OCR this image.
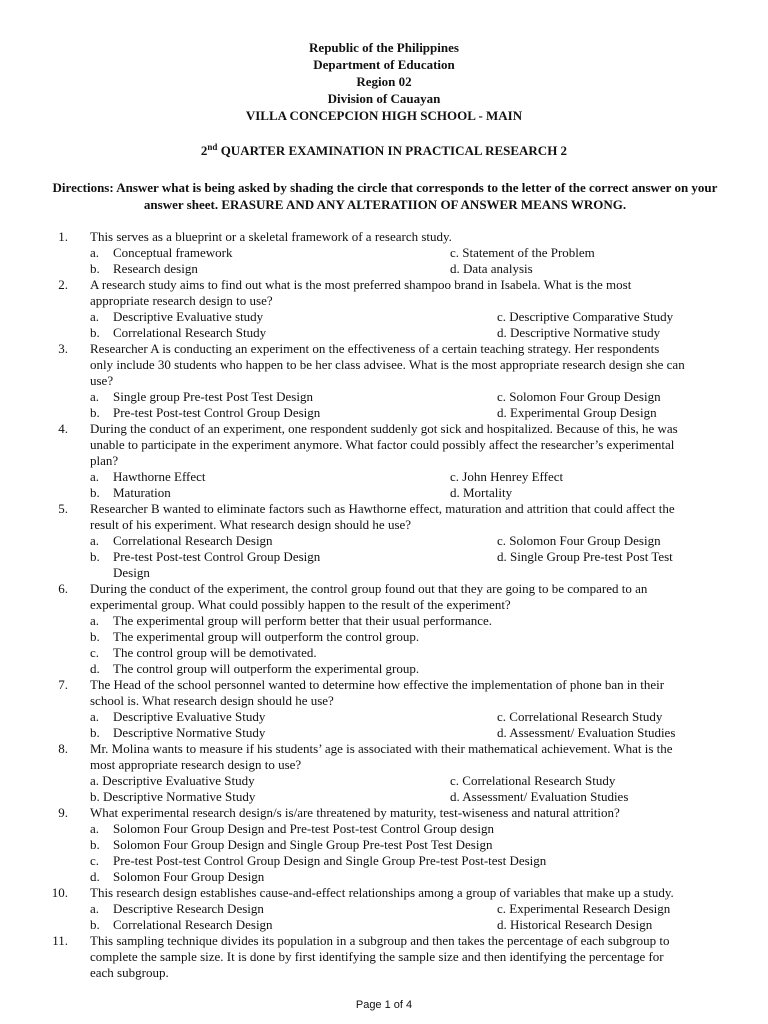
Republic of the Philippines
Department of Education
Region 02
Division of Cauayan
VILLA CONCEPCION HIGH SCHOOL - MAIN
2nd QUARTER EXAMINATION IN PRACTICAL RESEARCH 2
Directions: Answer what is being asked by shading the circle that corresponds to the letter of the correct answer on your answer sheet. ERASURE AND ANY ALTERATIION OF ANSWER MEANS WRONG.
1.	This serves as a blueprint or a skeletal framework of a research study.
a. Conceptual framework	c. Statement of the Problem
b. Research design	d. Data analysis
2.	A research study aims to find out what is the most preferred shampoo brand in Isabela. What is the most
appropriate research design to use?
a. Descriptive Evaluative study	c. Descriptive Comparative Study
b. Correlational Research Study	d. Descriptive Normative study
3.	Researcher A is conducting an experiment on the effectiveness of a certain teaching strategy. Her respondents
only include 30 students who happen to be her class advisee. What is the most appropriate research design she can
use?
a. Single group Pre-test Post Test Design	c. Solomon Four Group Design
b. Pre-test Post-test Control Group Design	d. Experimental Group Design
4.	During the conduct of an experiment, one respondent suddenly got sick and hospitalized. Because of this, he was
unable to participate in the experiment anymore. What factor could possibly affect the researcher’s experimental
plan?
a. Hawthorne Effect	c. John Henrey Effect
b. Maturation	d. Mortality
5.	Researcher B wanted to eliminate factors such as Hawthorne effect, maturation and attrition that could affect the
result of his experiment. What research design should he use?
a. Correlational Research Design	c. Solomon Four Group Design
b. Pre-test Post-test Control Group Design	d. Single Group Pre-test Post Test
Design
6.	During the conduct of the experiment, the control group found out that they are going to be compared to an
experimental group. What could possibly happen to the result of the experiment?
a. The experimental group will perform better that their usual performance.
b. The experimental group will outperform the control group.
c. The control group will be demotivated.
d. The control group will outperform the experimental group.
7.	The Head of the school personnel wanted to determine how effective the implementation of phone ban in their
school is. What research design should he use?
a. Descriptive Evaluative Study	c. Correlational Research Study
b. Descriptive Normative Study	d. Assessment/ Evaluation Studies
8.	Mr. Molina wants to measure if his students’ age is associated with their mathematical achievement. What is the
most appropriate research design to use?
a. Descriptive Evaluative Study	c. Correlational Research Study
b. Descriptive Normative Study	d. Assessment/ Evaluation Studies
9.	What experimental research design/s is/are threatened by maturity, test-wiseness and natural attrition?
a. Solomon Four Group Design and Pre-test Post-test Control Group design
b. Solomon Four Group Design and Single Group Pre-test Post Test Design
c. Pre-test Post-test Control Group Design and Single Group Pre-test Post-test Design
d. Solomon Four Group Design
10.	This research design establishes cause-and-effect relationships among a group of variables that make up a study.
a. Descriptive Research Design	c. Experimental Research Design
b. Correlational Research Design	d. Historical Research Design
11.	This sampling technique divides its population in a subgroup and then takes the percentage of each subgroup to
complete the sample size. It is done by first identifying the sample size and then identifying the percentage for
each subgroup.
Page 1 of 4
